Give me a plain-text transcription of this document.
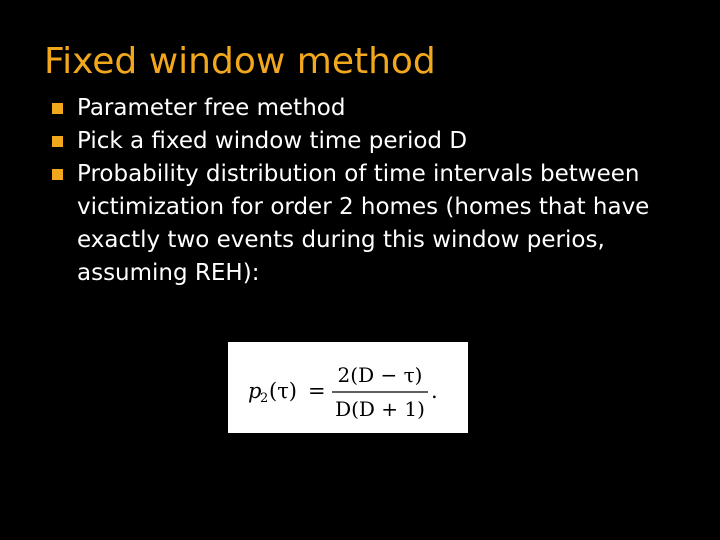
Fixed window method
Parameter free method
Pick a fixed window time period D
Probability distribution of time intervals between victimization for order 2 homes (homes that have exactly two events during this window perios, assuming REH):
p
2 (τ) =
2(D − τ)
D(D + 1)
.
